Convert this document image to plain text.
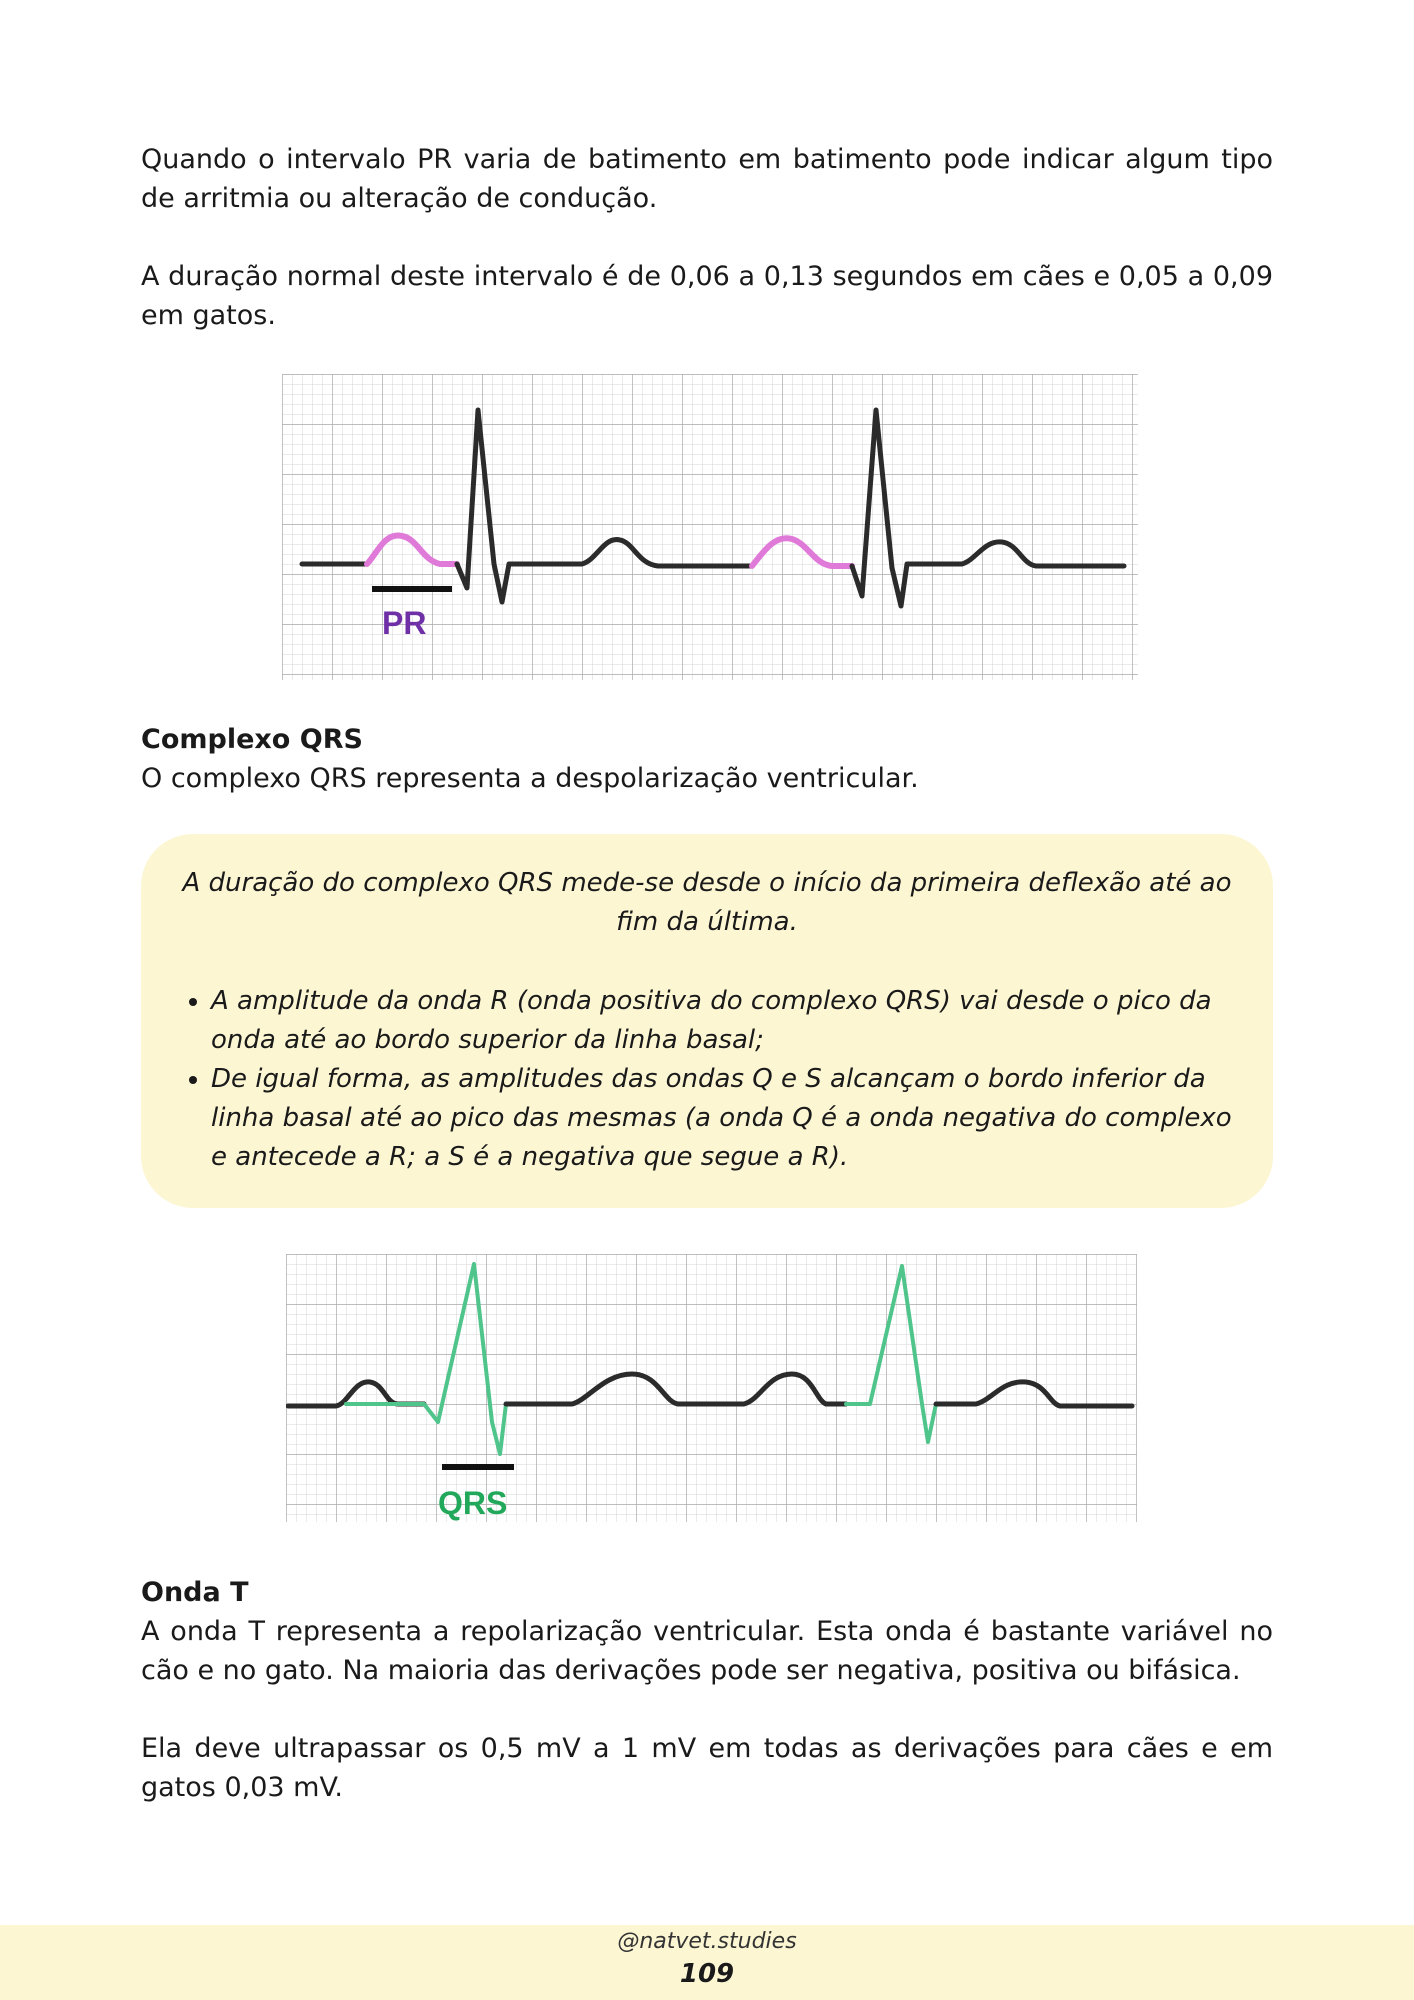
Quando o intervalo PR varia de batimento em batimento pode indicar algum tipo de arritmia ou alteração de condução.

A duração normal deste intervalo é de 0,06 a 0,13 segundos em cães e 0,05 a 0,09 em gatos.

PR

Complexo QRS

O complexo QRS representa a despolarização ventricular.

A duração do complexo QRS mede-se desde o início da primeira deflexão até ao fim da última.

• A amplitude da onda R (onda positiva do complexo QRS) vai desde o pico da onda até ao bordo superior da linha basal;
• De igual forma, as amplitudes das ondas Q e S alcançam o bordo inferior da linha basal até ao pico das mesmas (a onda Q é a onda negativa do complexo e antecede a R; a S é a negativa que segue a R).
QRS

Onda T

A onda T representa a repolarização ventricular. Esta onda é bastante variável no cão e no gato. Na maioria das derivações pode ser negativa, positiva ou bifásica.

Ela deve ultrapassar os 0,5 mV a 1 mV em todas as derivações para cães e em gatos 0,03 mV.

@natvet.studies
109
